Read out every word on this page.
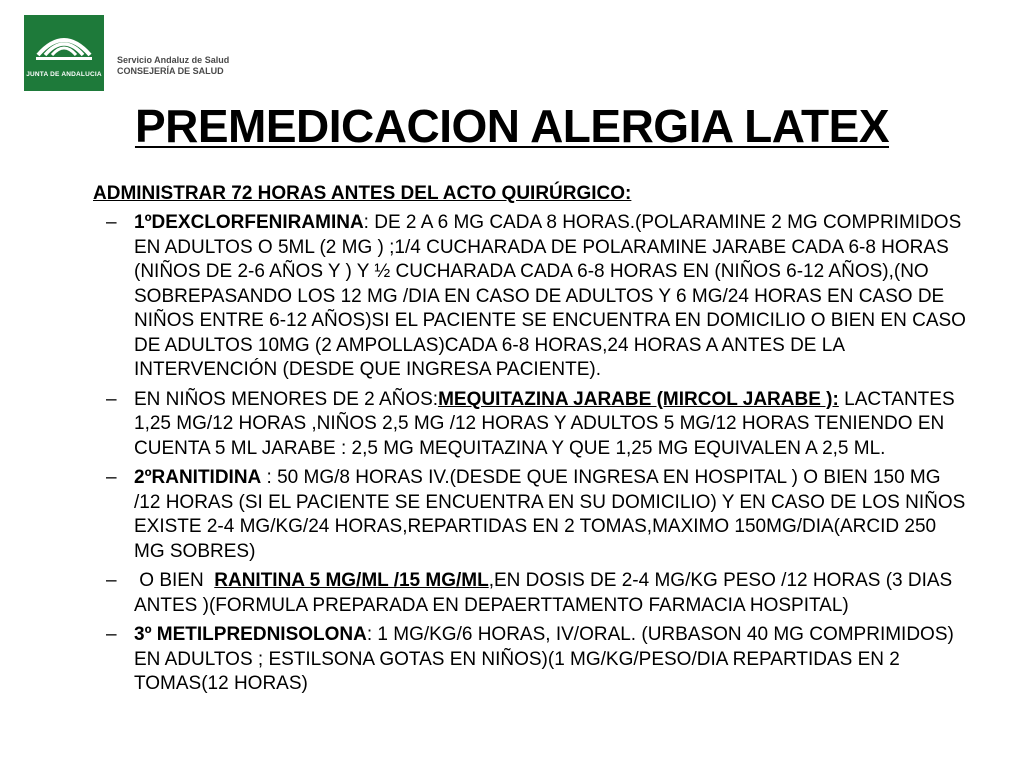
JUNTA DE ANDALUCIA
Servicio Andaluz de Salud
CONSEJERÍA DE SALUD
PREMEDICACION ALERGIA LATEX

ADMINISTRAR 72 HORAS ANTES DEL ACTO QUIRÚRGICO:

– 1ºDEXCLORFENIRAMINA: DE 2 A 6 MG CADA 8 HORAS.(POLARAMINE 2 MG COMPRIMIDOS EN ADULTOS O 5ML (2 MG ) ;1/4 CUCHARADA DE POLARAMINE JARABE CADA 6-8 HORAS (NIÑOS DE 2-6 AÑOS Y ) Y ½ CUCHARADA CADA 6-8 HORAS EN (NIÑOS 6-12 AÑOS),(NO SOBREPASANDO LOS 12 MG /DIA EN CASO DE ADULTOS Y 6 MG/24 HORAS EN CASO DE NIÑOS ENTRE 6-12 AÑOS)SI EL PACIENTE SE ENCUENTRA EN DOMICILIO O BIEN EN CASO DE ADULTOS 10MG (2 AMPOLLAS)CADA 6-8 HORAS,24 HORAS A ANTES DE LA INTERVENCIÓN (DESDE QUE INGRESA PACIENTE).
– EN NIÑOS MENORES DE 2 AÑOS:MEQUITAZINA JARABE (MIRCOL JARABE ): LACTANTES 1,25 MG/12 HORAS ,NIÑOS 2,5 MG /12 HORAS Y ADULTOS 5 MG/12 HORAS TENIENDO EN CUENTA 5 ML JARABE : 2,5 MG MEQUITAZINA Y QUE 1,25 MG EQUIVALEN A 2,5 ML.
– 2ºRANITIDINA : 50 MG/8 HORAS IV.(DESDE QUE INGRESA EN HOSPITAL ) O BIEN 150 MG /12 HORAS (SI EL PACIENTE SE ENCUENTRA EN SU DOMICILIO) Y EN CASO DE LOS NIÑOS EXISTE 2-4 MG/KG/24 HORAS,REPARTIDAS EN 2 TOMAS,MAXIMO 150MG/DIA(ARCID 250 MG SOBRES)
– O BIEN  RANITINA 5 MG/ML /15 MG/ML,EN DOSIS DE 2-4 MG/KG PESO /12 HORAS (3 DIAS ANTES )(FORMULA PREPARADA EN DEPAERTTAMENTO FARMACIA HOSPITAL)
– 3º METILPREDNISOLONA: 1 MG/KG/6 HORAS, IV/ORAL. (URBASON 40 MG COMPRIMIDOS) EN ADULTOS ; ESTILSONA GOTAS EN NIÑOS)(1 MG/KG/PESO/DIA REPARTIDAS EN 2 TOMAS(12 HORAS)
